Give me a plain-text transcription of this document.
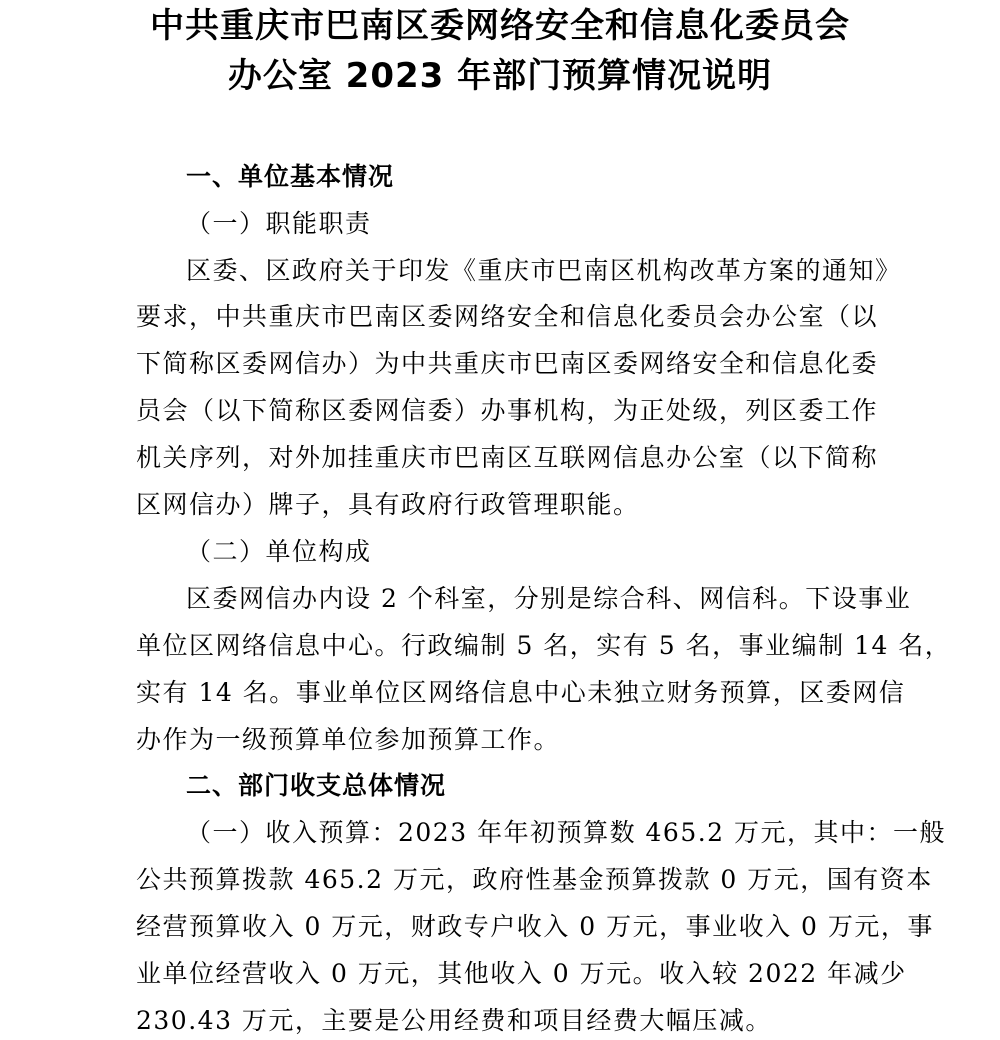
中共重庆市巴南区委网络安全和信息化委员会
办公室 2023 年部门预算情况说明
一、单位基本情况
（一）职能职责
区委、区政府关于印发《重庆市巴南区机构改革方案的通知》
要求，中共重庆市巴南区委网络安全和信息化委员会办公室（以
下简称区委网信办）为中共重庆市巴南区委网络安全和信息化委
员会（以下简称区委网信委）办事机构，为正处级，列区委工作
机关序列，对外加挂重庆市巴南区互联网信息办公室（以下简称
区网信办）牌子，具有政府行政管理职能。
（二）单位构成
区委网信办内设 2 个科室，分别是综合科、网信科。下设事业
单位区网络信息中心。行政编制 5 名，实有 5 名，事业编制 14 名，
实有 14 名。事业单位区网络信息中心未独立财务预算，区委网信
办作为一级预算单位参加预算工作。
二、部门收支总体情况
（一）收入预算：2023 年年初预算数 465.2 万元，其中：一般
公共预算拨款 465.2 万元，政府性基金预算拨款 0 万元，国有资本
经营预算收入 0 万元，财政专户收入 0 万元，事业收入 0 万元，事
业单位经营收入 0 万元，其他收入 0 万元。收入较 2022 年减少
230.43 万元，主要是公用经费和项目经费大幅压减。
